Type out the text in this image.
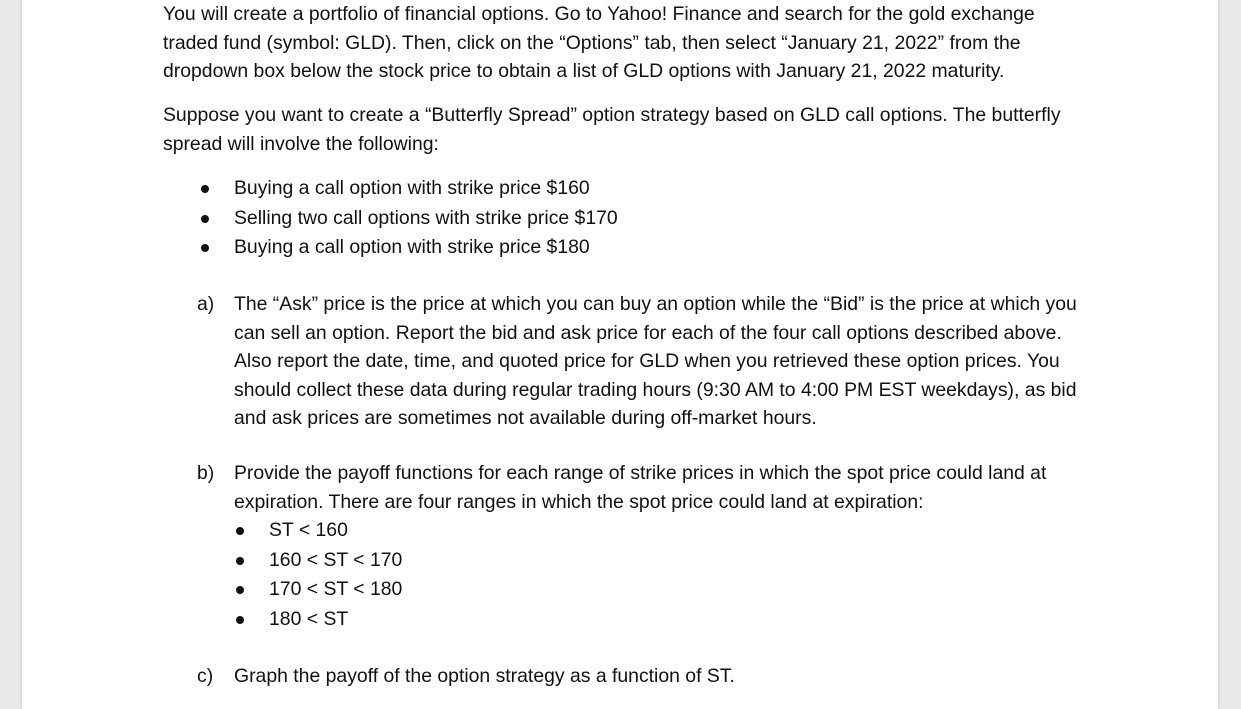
You will create a portfolio of financial options. Go to Yahoo! Finance and search for the gold exchange traded fund (symbol: GLD). Then, click on the “Options” tab, then select “January 21, 2022” from the dropdown box below the stock price to obtain a list of GLD options with January 21, 2022 maturity.

Suppose you want to create a “Butterfly Spread” option strategy based on GLD call options. The butterfly spread will involve the following:

Buying a call option with strike price $160
Selling two call options with strike price $170
Buying a call option with strike price $180
a) The “Ask” price is the price at which you can buy an option while the “Bid” is the price at which you can sell an option. Report the bid and ask price for each of the four call options described above. Also report the date, time, and quoted price for GLD when you retrieved these option prices. You should collect these data during regular trading hours (9:30 AM to 4:00 PM EST weekdays), as bid and ask prices are sometimes not available during off-market hours.

b) Provide the payoff functions for each range of strike prices in which the spot price could land at expiration. There are four ranges in which the spot price could land at expiration:

ST < 160
160 < ST < 170
170 < ST < 180
180 < ST
c) Graph the payoff of the option strategy as a function of ST.
